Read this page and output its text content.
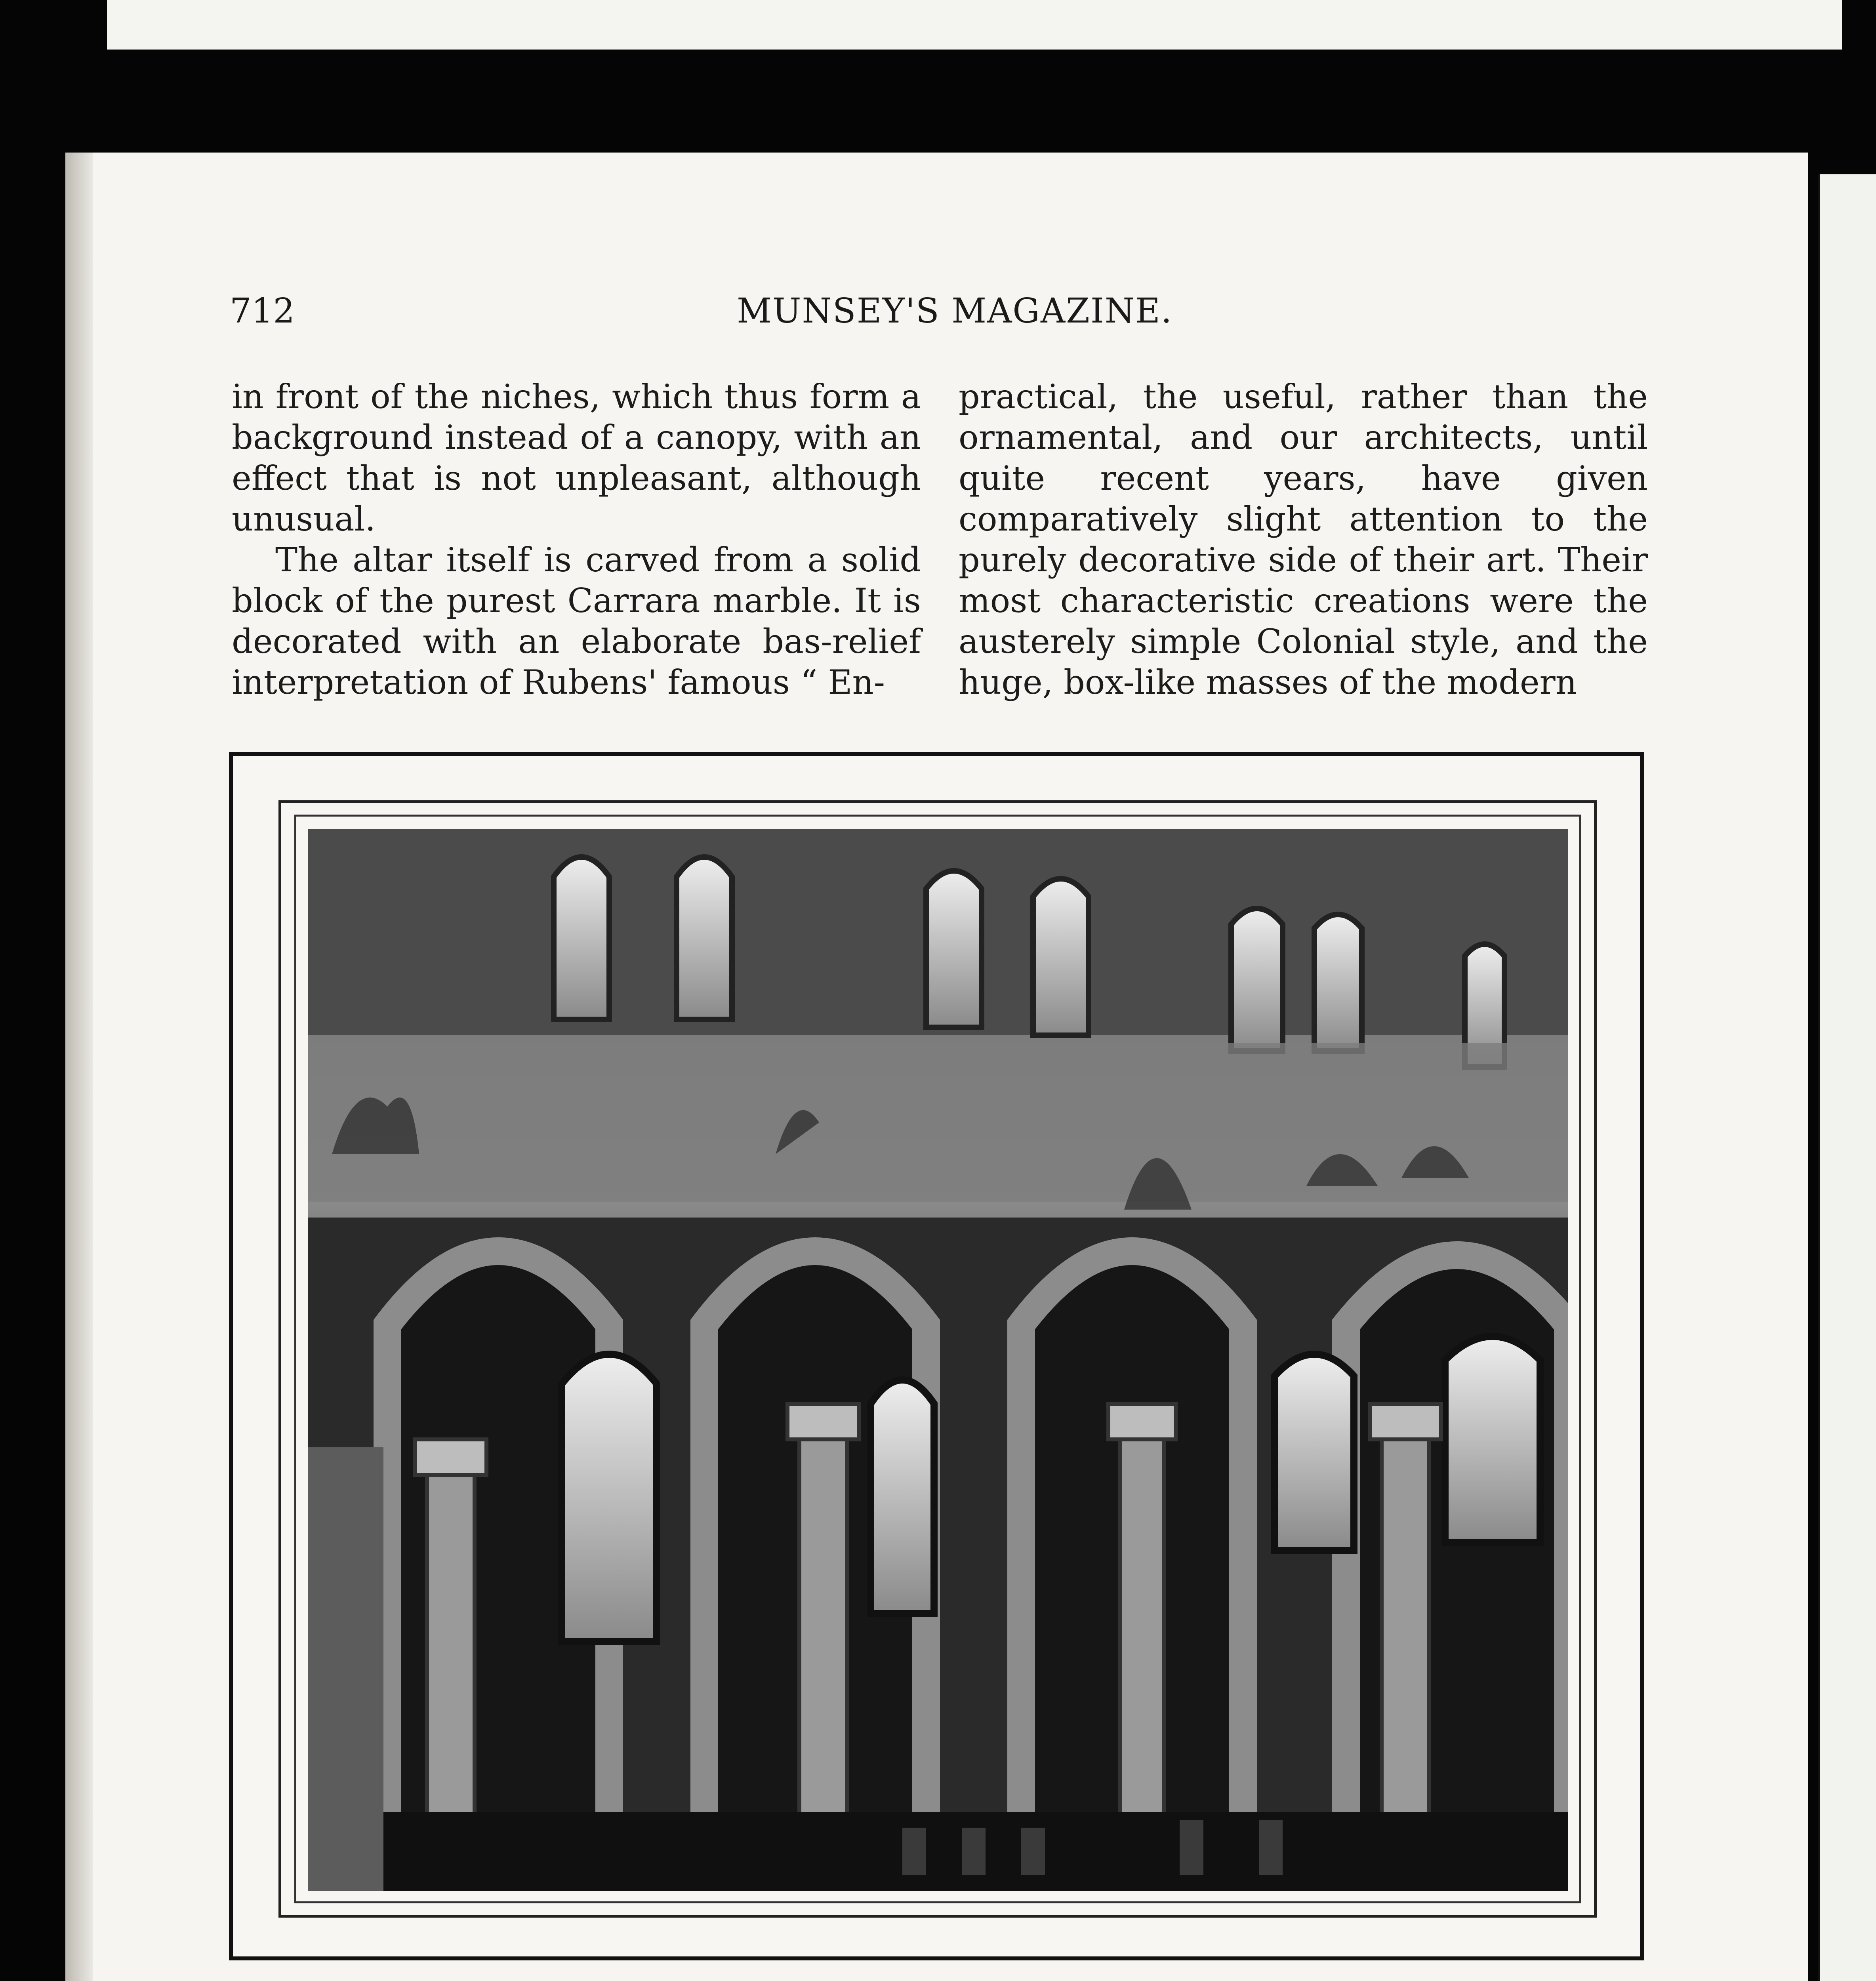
712	MUNSEY'S MAGAZINE.

in front of the niches, which thus form a background instead of a canopy, with an effect that is not unpleasant, although unusual.

The altar itself is carved from a solid block of the purest Carrara marble. It is decorated with an elaborate bas-relief interpretation of Rubens' famous “ En-

practical, the useful, rather than the ornamental, and our architects, until quite recent years, have given comparatively slight attention to the purely decorative side of their art. Their most characteristic creations were the austerely simple Colonial style, and the huge, box-like masses of the modern
